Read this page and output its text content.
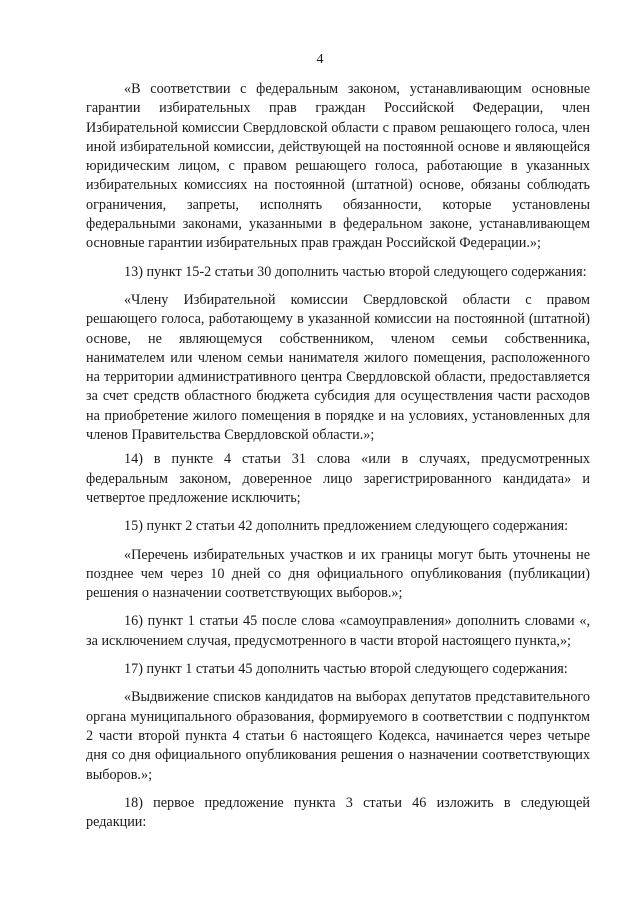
4

«В соответствии с федеральным законом, устанавливающим основные гарантии избирательных прав граждан Российской Федерации, член Избирательной комиссии Свердловской области с правом решающего голоса, член иной избирательной комиссии, действующей на постоянной основе и являющейся юридическим лицом, с правом решающего голоса, работающие в указанных избирательных комиссиях на постоянной (штатной) основе, обязаны соблюдать ограничения, запреты, исполнять обязанности, которые установлены федеральными законами, указанными в федеральном законе, устанавливающем основные гарантии избирательных прав граждан Российской Федерации.»;

13) пункт 15-2 статьи 30 дополнить частью второй следующего содержания:

«Члену Избирательной комиссии Свердловской области с правом решающего голоса, работающему в указанной комиссии на постоянной (штатной) основе, не являющемуся собственником, членом семьи собственника, нанимателем или членом семьи нанимателя жилого помещения, расположенного на территории административного центра Свердловской области, предоставляется за счет средств областного бюджета субсидия для осуществления части расходов на приобретение жилого помещения в порядке и на условиях, установленных для членов Правительства Свердловской области.»;

14) в пункте 4 статьи 31 слова «или в случаях, предусмотренных федеральным законом, доверенное лицо зарегистрированного кандидата» и четвертое предложение исключить;

15) пункт 2 статьи 42 дополнить предложением следующего содержания:

«Перечень избирательных участков и их границы могут быть уточнены не позднее чем через 10 дней со дня официального опубликования (публикации) решения о назначении соответствующих выборов.»;

16) пункт 1 статьи 45 после слова «самоуправления» дополнить словами «, за исключением случая, предусмотренного в части второй настоящего пункта,»;

17) пункт 1 статьи 45 дополнить частью второй следующего содержания:

«Выдвижение списков кандидатов на выборах депутатов представительного органа муниципального образования, формируемого в соответствии с подпунктом 2 части второй пункта 4 статьи 6 настоящего Кодекса, начинается через четыре дня со дня официального опубликования решения о назначении соответствующих выборов.»;

18) первое предложение пункта 3 статьи 46 изложить в следующей редакции:
